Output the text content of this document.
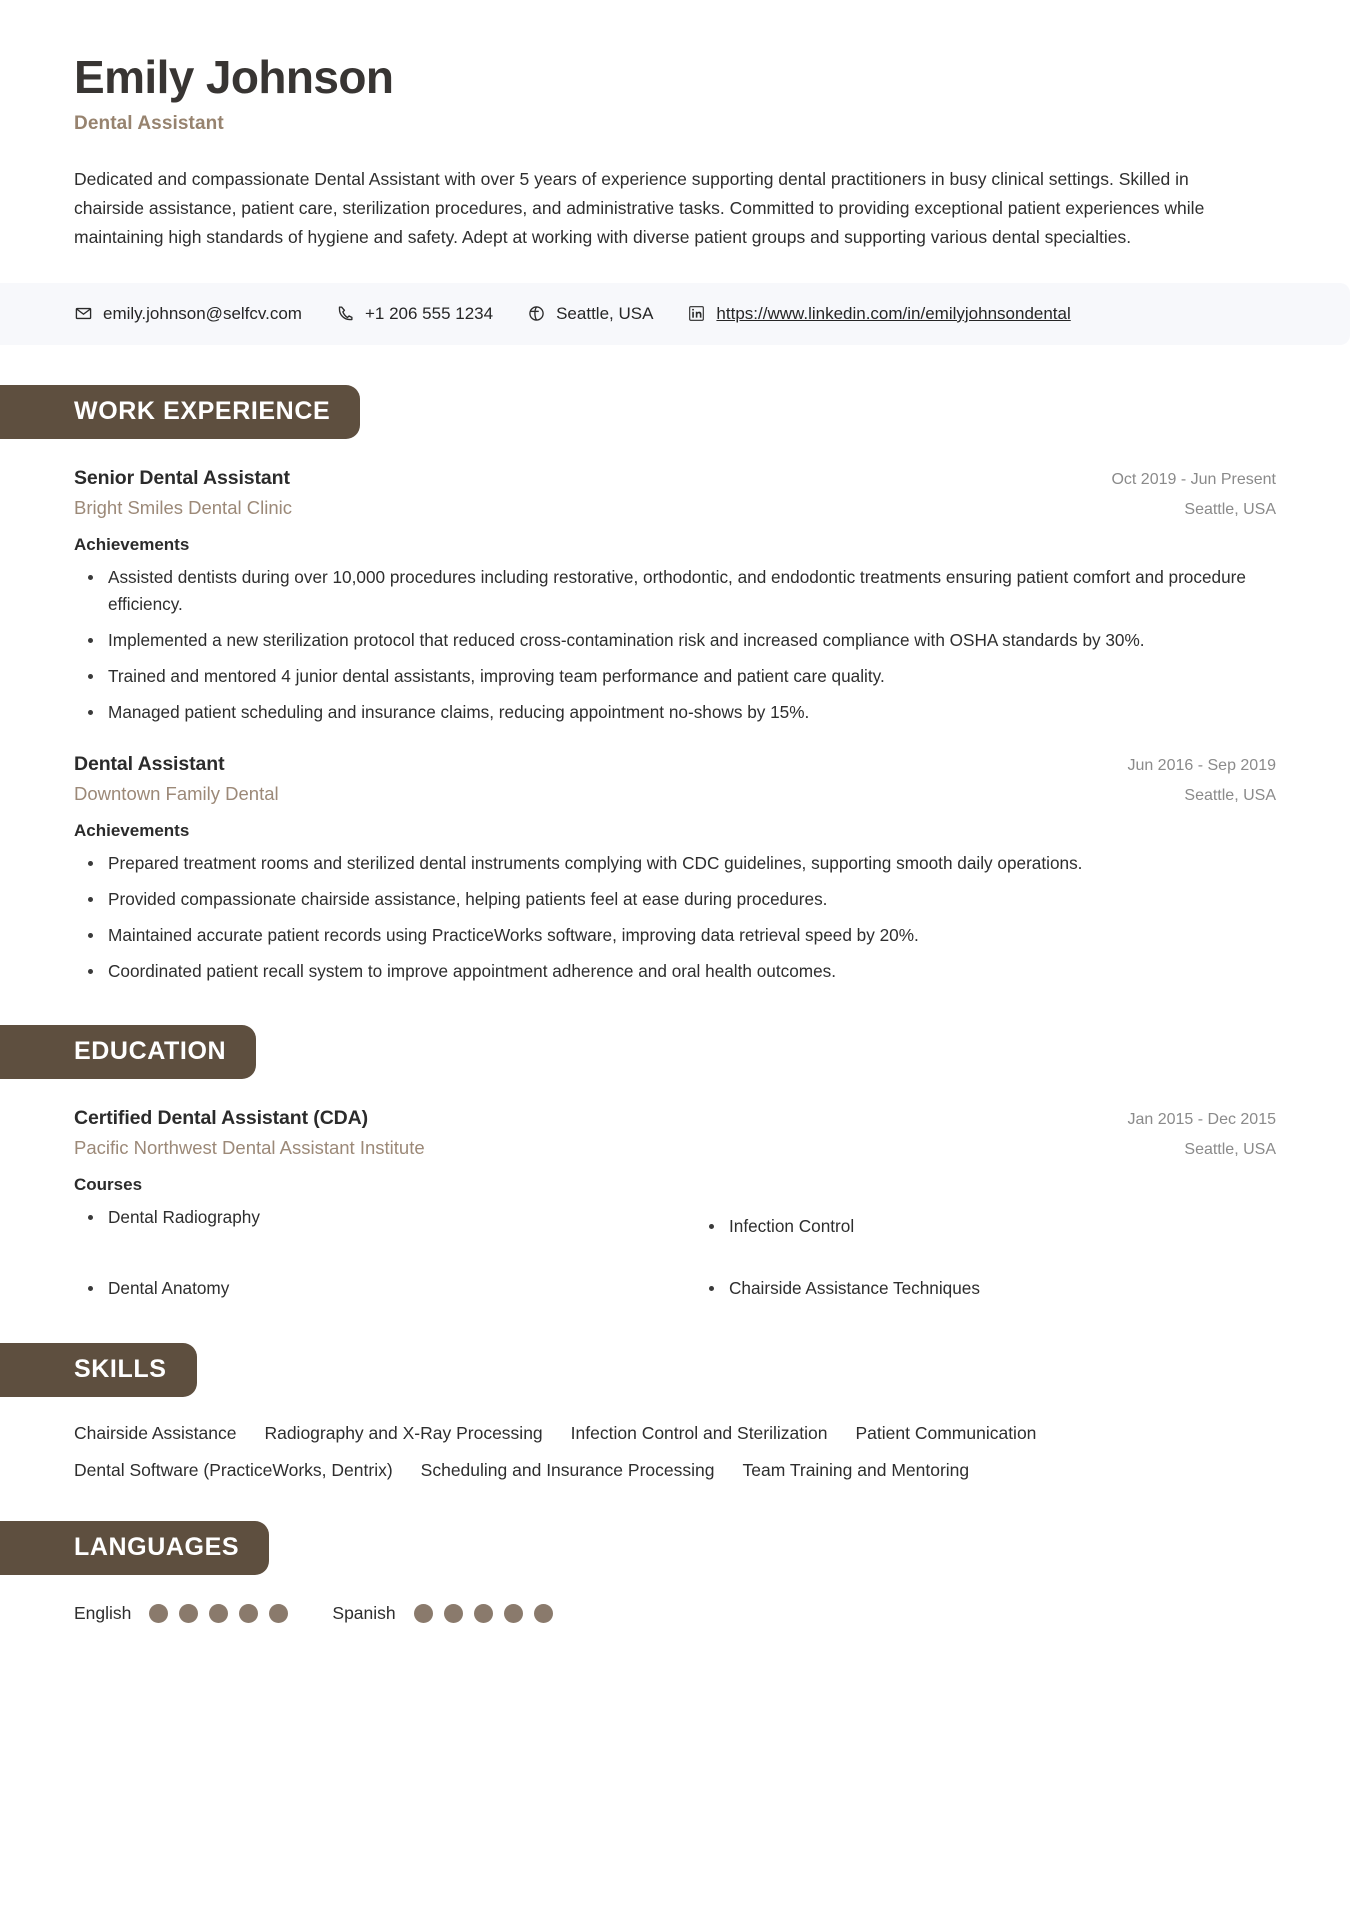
Emily Johnson
Dental Assistant
Dedicated and compassionate Dental Assistant with over 5 years of experience supporting dental practitioners in busy clinical settings. Skilled in chairside assistance, patient care, sterilization procedures, and administrative tasks. Committed to providing exceptional patient experiences while maintaining high standards of hygiene and safety. Adept at working with diverse patient groups and supporting various dental specialties.
emily.johnson@selfcv.com	+1 206 555 1234	Seattle, USA	https://www.linkedin.com/in/emilyjohnsondental
WORK EXPERIENCE
Senior Dental Assistant	Oct 2019 - Jun Present
Bright Smiles Dental Clinic	Seattle, USA
Achievements
Assisted dentists during over 10,000 procedures including restorative, orthodontic, and endodontic treatments ensuring patient comfort and procedure efficiency.
Implemented a new sterilization protocol that reduced cross-contamination risk and increased compliance with OSHA standards by 30%.
Trained and mentored 4 junior dental assistants, improving team performance and patient care quality.
Managed patient scheduling and insurance claims, reducing appointment no-shows by 15%.
Dental Assistant	Jun 2016 - Sep 2019
Downtown Family Dental	Seattle, USA
Achievements
Prepared treatment rooms and sterilized dental instruments complying with CDC guidelines, supporting smooth daily operations.
Provided compassionate chairside assistance, helping patients feel at ease during procedures.
Maintained accurate patient records using PracticeWorks software, improving data retrieval speed by 20%.
Coordinated patient recall system to improve appointment adherence and oral health outcomes.
EDUCATION
Certified Dental Assistant (CDA)	Jan 2015 - Dec 2015
Pacific Northwest Dental Assistant Institute	Seattle, USA
Courses
Dental Radiography	Infection Control
Dental Anatomy	Chairside Assistance Techniques
SKILLS
Chairside Assistance Radiography and X-Ray Processing Infection Control and Sterilization Patient Communication
Dental Software (PracticeWorks, Dentrix) Scheduling and Insurance Processing Team Training and Mentoring
LANGUAGES
English	Spanish
